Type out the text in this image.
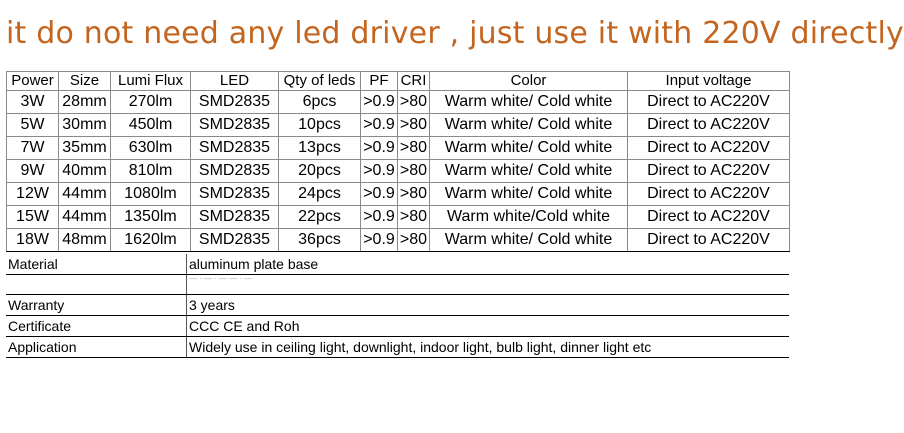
it do not need any led driver , just use it with 220V directly
Power	Size	Lumi Flux	LED	Qty of leds	PF	CRI	Color	Input voltage
3W	28mm	270lm	SMD2835	6pcs	>0.9	>80	Warm white/ Cold white	Direct to AC220V
5W	30mm	450lm	SMD2835	10pcs	>0.9	>80	Warm white/ Cold white	Direct to AC220V
7W	35mm	630lm	SMD2835	13pcs	>0.9	>80	Warm white/ Cold white	Direct to AC220V
9W	40mm	810lm	SMD2835	20pcs	>0.9	>80	Warm white/ Cold white	Direct to AC220V
12W	44mm	1080lm	SMD2835	24pcs	>0.9	>80	Warm white/ Cold white	Direct to AC220V
15W	44mm	1350lm	SMD2835	22pcs	>0.9	>80	Warm white/Cold white	Direct to AC220V
18W	48mm	1620lm	SMD2835	36pcs	>0.9	>80	Warm white/ Cold white	Direct to AC220V
Material	aluminum plate base
	— · — · — — · —
Warranty	3 years
Certificate	CCC CE and Roh
Application	Widely use in ceiling light, downlight, indoor light, bulb light, dinner light etc
